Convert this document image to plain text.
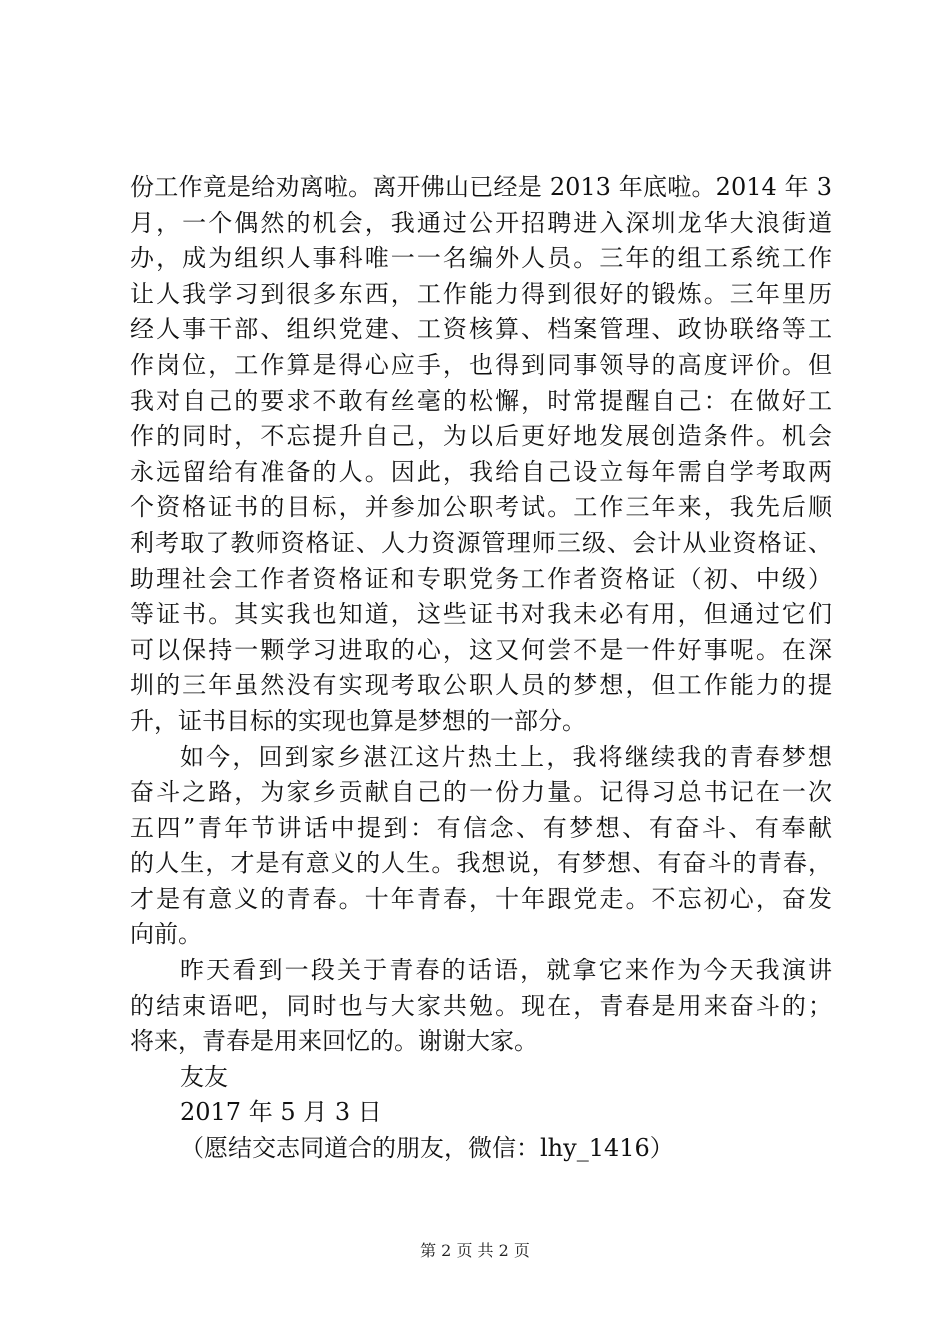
份工作竟是给劝离啦。离开佛山已经是 2013 年底啦。2014 年 3
月，一个偶然的机会，我通过公开招聘进入深圳龙华大浪街道
办，成为组织人事科唯一一名编外人员。三年的组工系统工作
让人我学习到很多东西，工作能力得到很好的锻炼。三年里历
经人事干部、组织党建、工资核算、档案管理、政协联络等工
作岗位，工作算是得心应手，也得到同事领导的高度评价。但
我对自己的要求不敢有丝毫的松懈，时常提醒自己：在做好工
作的同时，不忘提升自己，为以后更好地发展创造条件。机会
永远留给有准备的人。因此，我给自己设立每年需自学考取两
个资格证书的目标，并参加公职考试。工作三年来，我先后顺
利考取了教师资格证、人力资源管理师三级、会计从业资格证、
助理社会工作者资格证和专职党务工作者资格证（初、中级）
等证书。其实我也知道，这些证书对我未必有用，但通过它们
可以保持一颗学习进取的心，这又何尝不是一件好事呢。在深
圳的三年虽然没有实现考取公职人员的梦想，但工作能力的提
升，证书目标的实现也算是梦想的一部分。
如今，回到家乡湛江这片热土上，我将继续我的青春梦想
奋斗之路，为家乡贡献自己的一份力量。记得习总书记在一次
五四”青年节讲话中提到：有信念、有梦想、有奋斗、有奉献
的人生，才是有意义的人生。我想说，有梦想、有奋斗的青春，
才是有意义的青春。十年青春，十年跟党走。不忘初心，奋发
向前。
昨天看到一段关于青春的话语，就拿它来作为今天我演讲
的结束语吧，同时也与大家共勉。现在，青春是用来奋斗的；
将来，青春是用来回忆的。谢谢大家。
友友
2017 年 5 月 3 日
（愿结交志同道合的朋友，微信：lhy_1416）
第 2 页 共 2 页
